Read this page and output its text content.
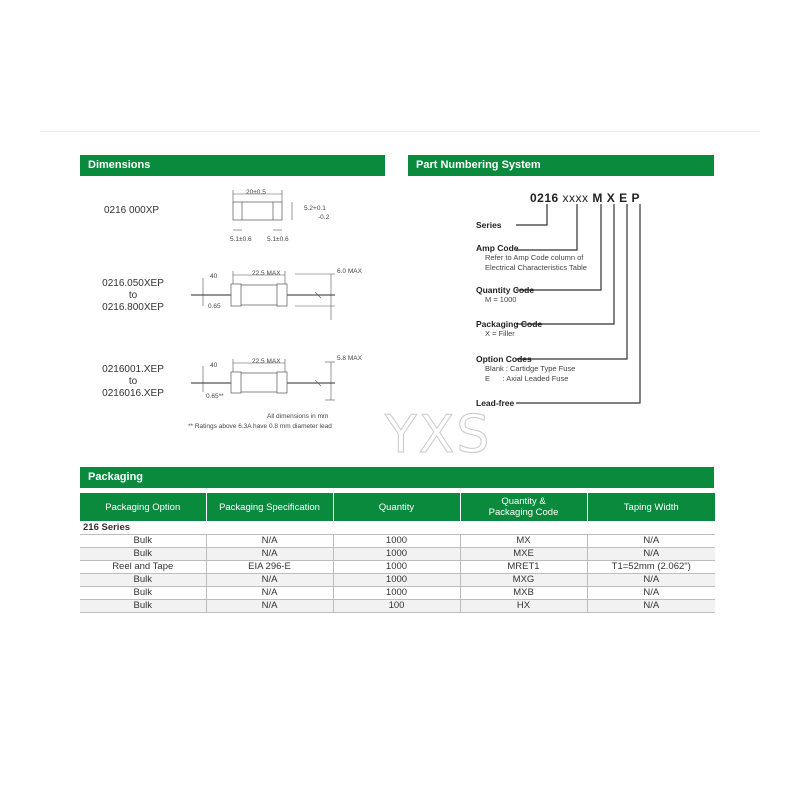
Dimensions	Part Numbering System
Packaging
0216 000XP
0216.050XEP
to
0216.800XEP
0216001.XEP
to
0216016.XEP
20±0.5
5.2+0.1
-0.2
5.1±0.6 5.1±0.6
40	22.5 MAX	6.0 MAX
0.65
40
22.5 MAX	5.8 MAX
0.65**
All dimensions in mm
** Ratings above 6.3A have 0.8 mm diameter lead
0216 xxxx M X E P
Series
Amp Code
Refer to Amp Code column of
Electrical Characteristics Table
Quantity Code
M = 1000
Packaging Code
X = Filler
Option Codes
Blank : Cartidge Type Fuse
E      : Axial Leaded Fuse
Lead-free
YXS
Packaging Option	Packaging Specification	Quantity	Quantity & Packaging Code	Taping Width
216 Series				
Bulk	N/A	1000	MX	N/A
Bulk	N/A	1000	MXE	N/A
Reel and Tape	EIA 296-E	1000	MRET1	T1=52mm (2.062")
Bulk	N/A	1000	MXG	N/A
Bulk	N/A	1000	MXB	N/A
Bulk	N/A	100	HX	N/A
